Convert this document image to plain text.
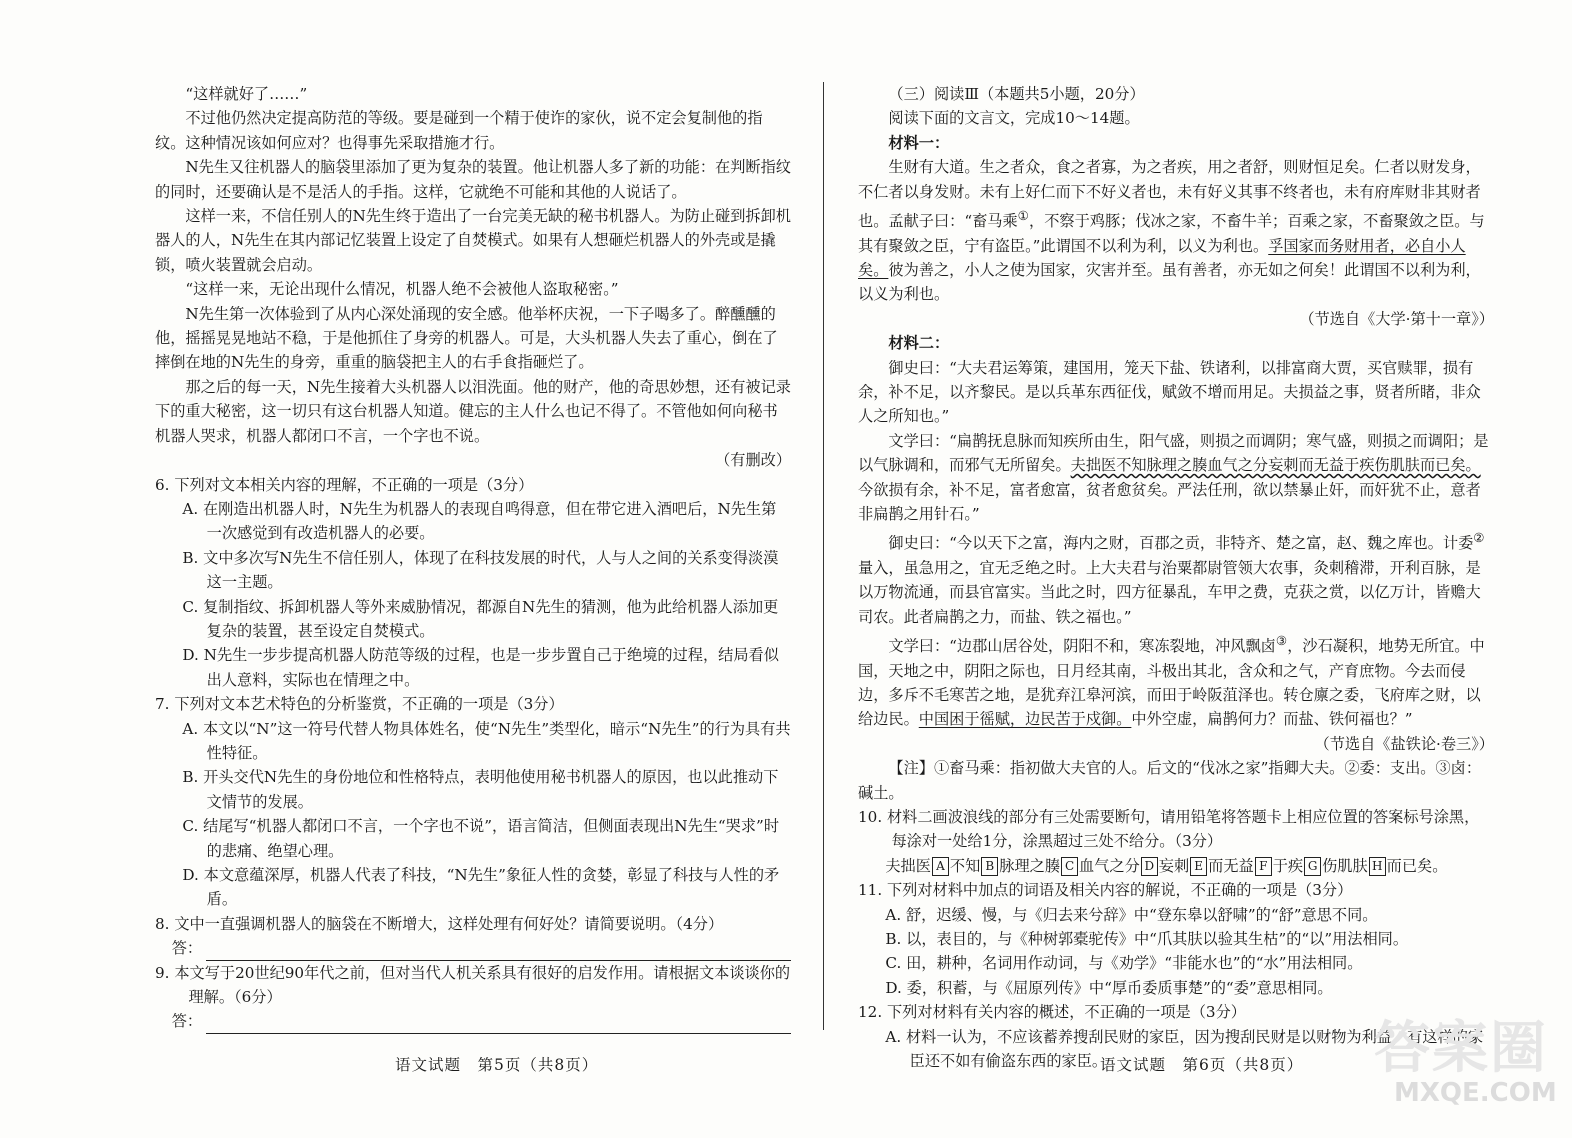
“这样就好了……”

不过他仍然决定提高防范的等级。要是碰到一个精于使诈的家伙，说不定会复制他的指纹。这种情况该如何应对？也得事先采取措施才行。

N先生又往机器人的脑袋里添加了更为复杂的装置。他让机器人多了新的功能：在判断指纹的同时，还要确认是不是活人的手指。这样，它就绝不可能和其他的人说话了。

这样一来，不信任别人的N先生终于造出了一台完美无缺的秘书机器人。为防止碰到拆卸机器人的人，N先生在其内部记忆装置上设定了自焚模式。如果有人想砸烂机器人的外壳或是撬锁，喷火装置就会启动。

“这样一来，无论出现什么情况，机器人绝不会被他人盗取秘密。”

N先生第一次体验到了从内心深处涌现的安全感。他举杯庆祝，一下子喝多了。醉醺醺的他，摇摇晃晃地站不稳，于是他抓住了身旁的机器人。可是，大头机器人失去了重心，倒在了摔倒在地的N先生的身旁，重重的脑袋把主人的右手食指砸烂了。

那之后的每一天，N先生接着大头机器人以泪洗面。他的财产，他的奇思妙想，还有被记录下的重大秘密，这一切只有这台机器人知道。健忘的主人什么也记不得了。不管他如何向秘书机器人哭求，机器人都闭口不言，一个字也不说。

（有删改）

6. 下列对文本相关内容的理解，不正确的一项是（3分）

A. 在刚造出机器人时，N先生为机器人的表现自鸣得意，但在带它进入酒吧后，N先生第一次感觉到有改造机器人的必要。

B. 文中多次写N先生不信任别人，体现了在科技发展的时代，人与人之间的关系变得淡漠这一主题。

C. 复制指纹、拆卸机器人等外来威胁情况，都源自N先生的猜测，他为此给机器人添加更复杂的装置，甚至设定自焚模式。

D. N先生一步步提高机器人防范等级的过程，也是一步步置自己于绝境的过程，结局看似出人意料，实际也在情理之中。

7. 下列对文本艺术特色的分析鉴赏，不正确的一项是（3分）

A. 本文以“N”这一符号代替人物具体姓名，使“N先生”类型化，暗示“N先生”的行为具有共性特征。

B. 开头交代N先生的身份地位和性格特点，表明他使用秘书机器人的原因，也以此推动下文情节的发展。

C. 结尾写“机器人都闭口不言，一个字也不说”，语言简洁，但侧面表现出N先生“哭求”时的悲痛、绝望心理。

D. 本文意蕴深厚，机器人代表了科技，“N先生”象征人性的贪婪，彰显了科技与人性的矛盾。

8. 文中一直强调机器人的脑袋在不断增大，这样处理有何好处？请简要说明。（4分）

答：

9. 本文写于20世纪90年代之前，但对当代人机关系具有很好的启发作用。请根据文本谈谈你的理解。（6分）

答：

（三）阅读Ⅲ（本题共5小题，20分）

阅读下面的文言文，完成10～14题。

材料一：

生财有大道。生之者众，食之者寡，为之者疾，用之者舒，则财恒足矣。仁者以财发身，不仁者以身发财。未有上好仁而下不好义者也，未有好义其事不终者也，未有府库财非其财者也。孟献子曰：“畜马乘①，不察于鸡豚；伐冰之家，不畜牛羊；百乘之家，不畜聚敛之臣。与其有聚敛之臣，宁有盗臣。”此谓国不以利为利，以义为利也。孚国家而务财用者，必自小人矣。彼为善之，小人之使为国家，灾害并至。虽有善者，亦无如之何矣！此谓国不以利为利，以义为利也。

（节选自《大学·第十一章》）

材料二：

御史曰：“大夫君运筹策，建国用，笼天下盐、铁诸利，以排富商大贾，买官赎罪，损有余，补不足，以齐黎民。是以兵革东西征伐，赋敛不增而用足。夫损益之事，贤者所睹，非众人之所知也。”

文学曰：“扁鹊抚息脉而知疾所由生，阳气盛，则损之而调阴；寒气盛，则损之而调阳；是以气脉调和，而邪气无所留矣。夫拙医不知脉理之腠血气之分妄刺而无益于疾伤肌肤而已矣。今欲损有余，补不足，富者愈富，贫者愈贫矣。严法任刑，欲以禁暴止奸，而奸犹不止，意者非扁鹊之用针石。”

御史曰：“今以天下之富，海内之财，百郡之贡，非特齐、楚之富，赵、魏之库也。计委②量入，虽急用之，宜无乏绝之时。上大夫君与治粟都尉管领大农事，灸刺稽滞，开利百脉，是以万物流通，而县官富实。当此之时，四方征暴乱，车甲之费，克获之赏，以亿万计，皆赡大司农。此者扁鹊之力，而盐、铁之福也。”

文学曰：“边郡山居谷处，阴阳不和，寒冻裂地，冲风飘卤③，沙石凝积，地势无所宜。中国，天地之中，阴阳之际也，日月经其南，斗极出其北，含众和之气，产育庶物。今去而侵边，多斥不毛寒苦之地，是犹弃江皋河滨，而田于岭阪菹泽也。转仓廪之委，飞府库之财，以给边民。中国困于徭赋，边民苦于戍御。中外空虚，扁鹊何力？而盐、铁何福也？”

（节选自《盐铁论·卷三》）

【注】①畜马乘：指初做大夫官的人。后文的“伐冰之家”指卿大夫。②委：支出。③卤：碱土。

10. 材料二画波浪线的部分有三处需要断句，请用铅笔将答题卡上相应位置的答案标号涂黑，每涂对一处给1分，涂黑超过三处不给分。（3分）

夫拙医 A 不知 B 脉理之腠 C 血气之分 D 妄刺 E 而无益 F 于疾 G 伤肌肤 H 而已矣。

11. 下列对材料中加点的词语及相关内容的解说，不正确的一项是（3分）

A. 舒，迟缓、慢，与《归去来兮辞》中“登东皋以舒啸”的“舒”意思不同。

B. 以，表目的，与《种树郭橐驼传》中“爪其肤以验其生枯”的“以”用法相同。

C. 田，耕种，名词用作动词，与《劝学》“非能水也”的“水”用法相同。

D. 委，积蓄，与《屈原列传》中“厚币委质事楚”的“委”意思相同。

12. 下列对材料有关内容的概述，不正确的一项是（3分）

A. 材料一认为，不应该蓄养搜刮民财的家臣，因为搜刮民财是以财物为利益，有这样的家臣还不如有偷盗东西的家臣。

语文试题　第5页（共8页）	语文试题　第6页（共8页） 答案圈
MXQE.COM
